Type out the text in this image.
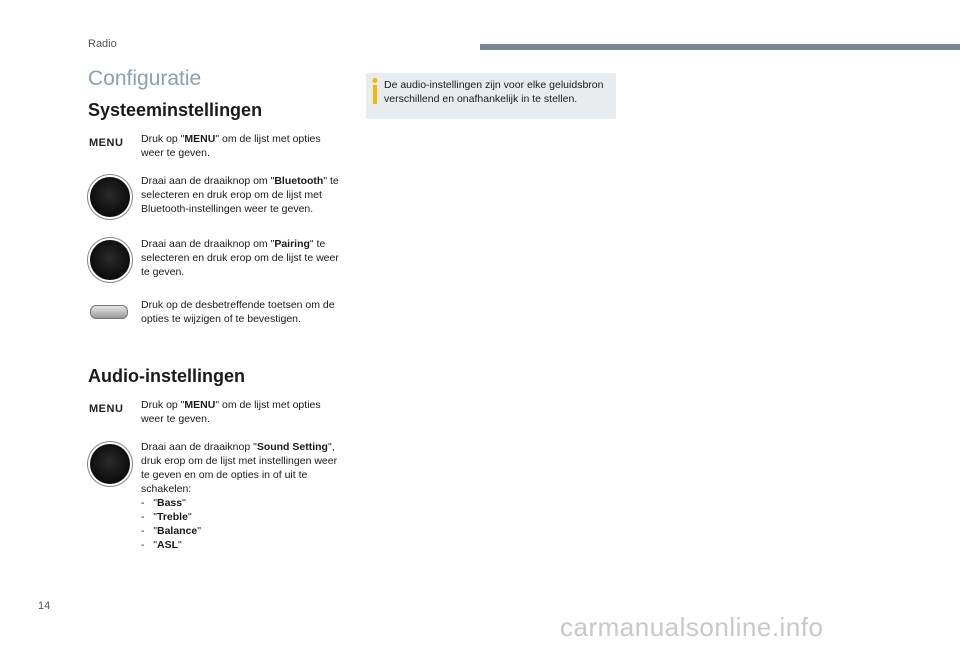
Radio
Configuratie
Systeeminstellingen
MENU Druk op "MENU" om de lijst met opties weer te geven.
Draai aan de draaiknop om "Bluetooth" te selecteren en druk erop om de lijst met Bluetooth-instellingen weer te geven.
Draai aan de draaiknop om "Pairing" te selecteren en druk erop om de lijst te weer te geven.
Druk op de desbetreffende toetsen om de opties te wijzigen of te bevestigen.
Audio-instellingen
MENU Druk op "MENU" om de lijst met opties weer te geven.
Draai aan de draaiknop "Sound Setting", druk erop om de lijst met instellingen weer te geven en om de opties in of uit te schakelen:
- "Bass"
- "Treble"
- "Balance"
- "ASL"
De audio-instellingen zijn voor elke geluidsbron verschillend en onafhankelijk in te stellen.
14
carmanualsonline.info
